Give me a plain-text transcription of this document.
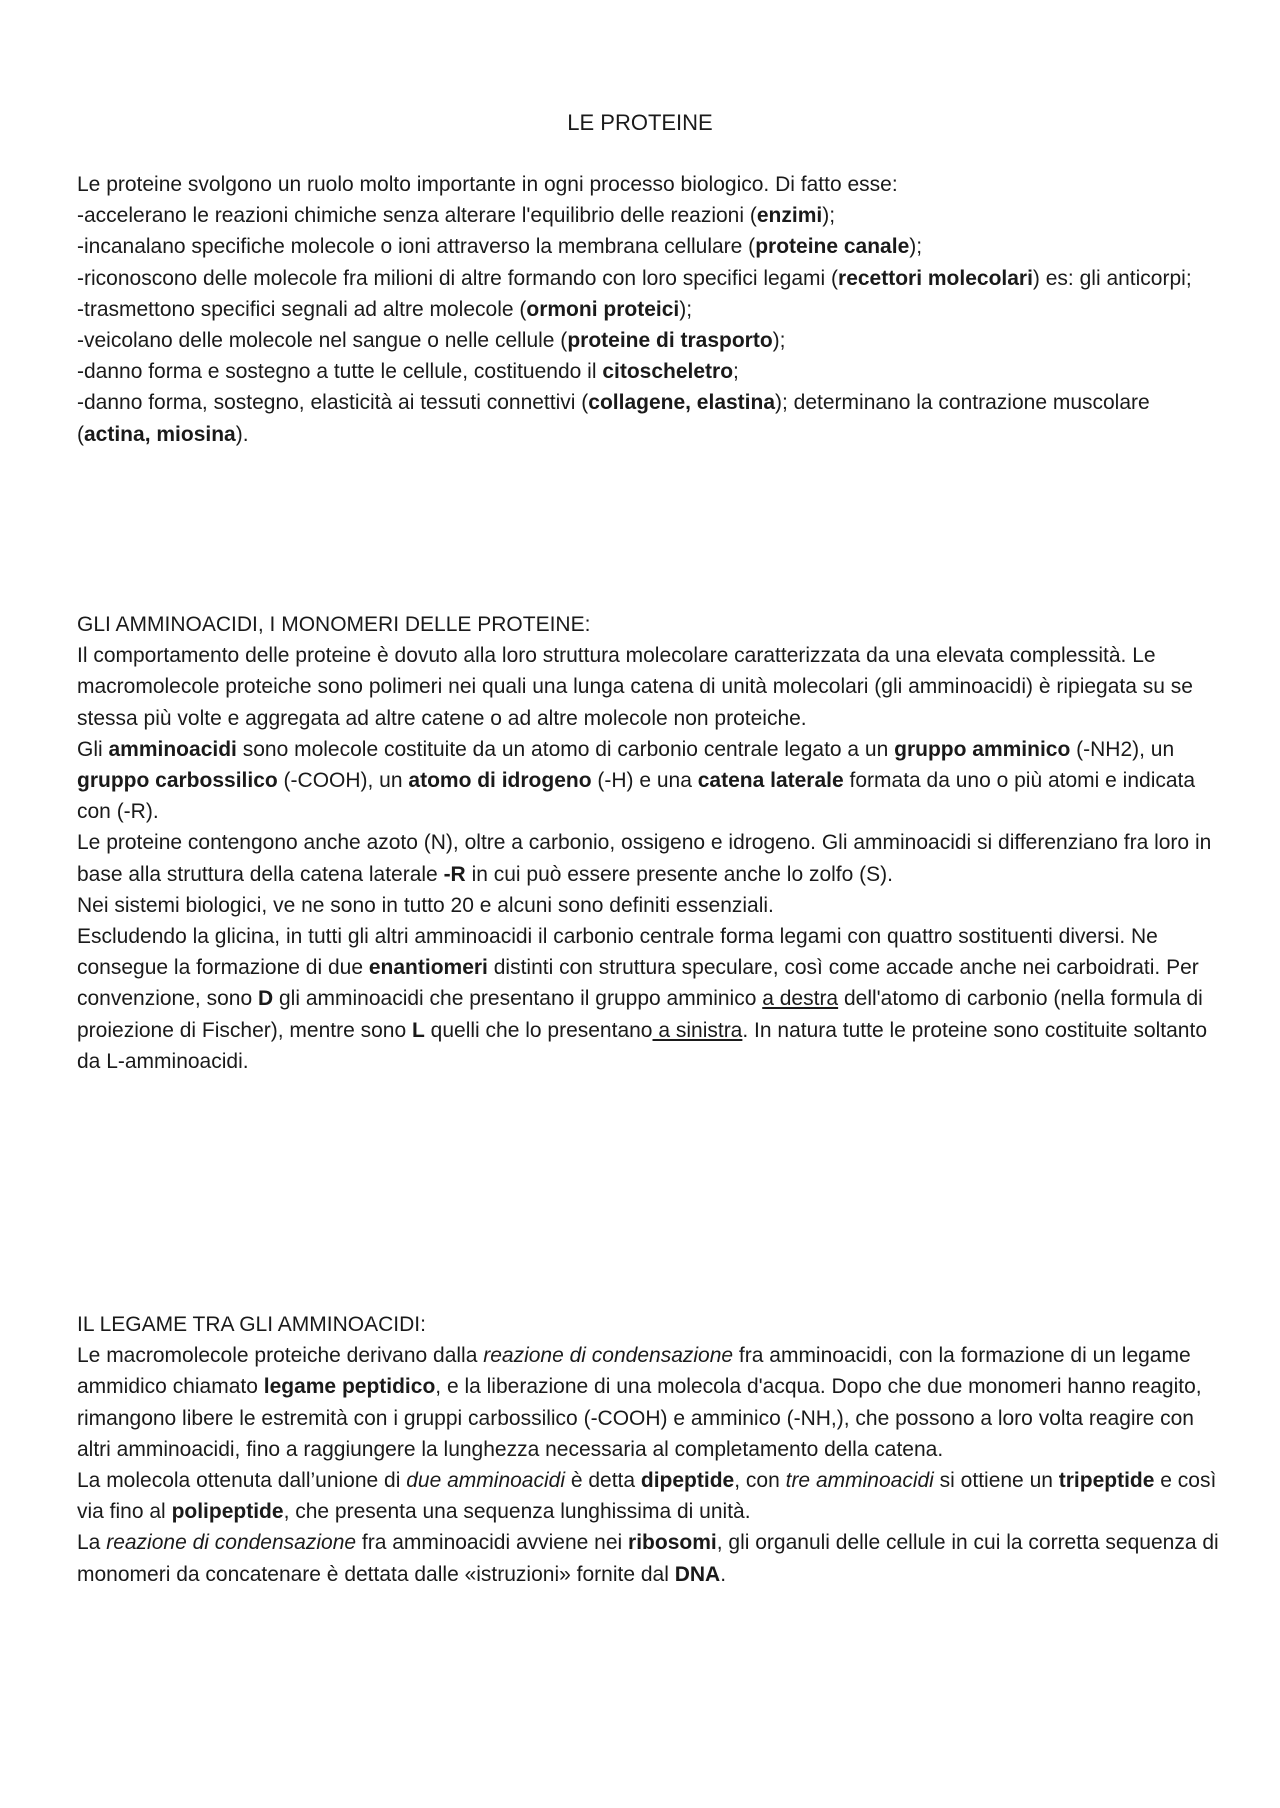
LE PROTEINE

Le proteine svolgono un ruolo molto importante in ogni processo biologico. Di fatto esse:

-accelerano le reazioni chimiche senza alterare l'equilibrio delle reazioni (enzimi);

-incanalano specifiche molecole o ioni attraverso la membrana cellulare (proteine canale);

-riconoscono delle molecole fra milioni di altre formando con loro specifici legami (recettori molecolari) es: gli anticorpi;

-trasmettono specifici segnali ad altre molecole (ormoni proteici);

-veicolano delle molecole nel sangue o nelle cellule (proteine di trasporto);

-danno forma e sostegno a tutte le cellule, costituendo il citoscheletro;

-danno forma, sostegno, elasticità ai tessuti connettivi (collagene, elastina); determinano la contrazione muscolare (actina, miosina).

GLI AMMINOACIDI, I MONOMERI DELLE PROTEINE:

Il comportamento delle proteine è dovuto alla loro struttura molecolare caratterizzata da una elevata complessità. Le macromolecole proteiche sono polimeri nei quali una lunga catena di unità molecolari (gli amminoacidi) è ripiegata su se stessa più volte e aggregata ad altre catene o ad altre molecole non proteiche.

Gli amminoacidi sono molecole costituite da un atomo di carbonio centrale legato a un gruppo amminico (-NH2), un gruppo carbossilico (-COOH), un atomo di idrogeno (-H) e una catena laterale formata da uno o più atomi e indicata con (-R).

Le proteine contengono anche azoto (N), oltre a carbonio, ossigeno e idrogeno. Gli amminoacidi si differenziano fra loro in base alla struttura della catena laterale -R in cui può essere presente anche lo zolfo (S).

Nei sistemi biologici, ve ne sono in tutto 20 e alcuni sono definiti essenziali.

Escludendo la glicina, in tutti gli altri amminoacidi il carbonio centrale forma legami con quattro sostituenti diversi. Ne consegue la formazione di due enantiomeri distinti con struttura speculare, così come accade anche nei carboidrati. Per convenzione, sono D gli amminoacidi che presentano il gruppo amminico a destra dell'atomo di carbonio (nella formula di proiezione di Fischer), mentre sono L quelli che lo presentano a sinistra. In natura tutte le proteine sono costituite soltanto da L-amminoacidi.

IL LEGAME TRA GLI AMMINOACIDI:

Le macromolecole proteiche derivano dalla reazione di condensazione fra amminoacidi, con la formazione di un legame ammidico chiamato legame peptidico, e la liberazione di una molecola d'acqua. Dopo che due monomeri hanno reagito, rimangono libere le estremità con i gruppi carbossilico (-COOH) e amminico (-NH,), che possono a loro volta reagire con altri amminoacidi, fino a raggiungere la lunghezza necessaria al completamento della catena.

La molecola ottenuta dall’unione di due amminoacidi è detta dipeptide, con tre amminoacidi si ottiene un tripeptide e così via fino al polipeptide, che presenta una sequenza lunghissima di unità.

La reazione di condensazione fra amminoacidi avviene nei ribosomi, gli organuli delle cellule in cui la corretta sequenza di monomeri da concatenare è dettata dalle «istruzioni» fornite dal DNA.
